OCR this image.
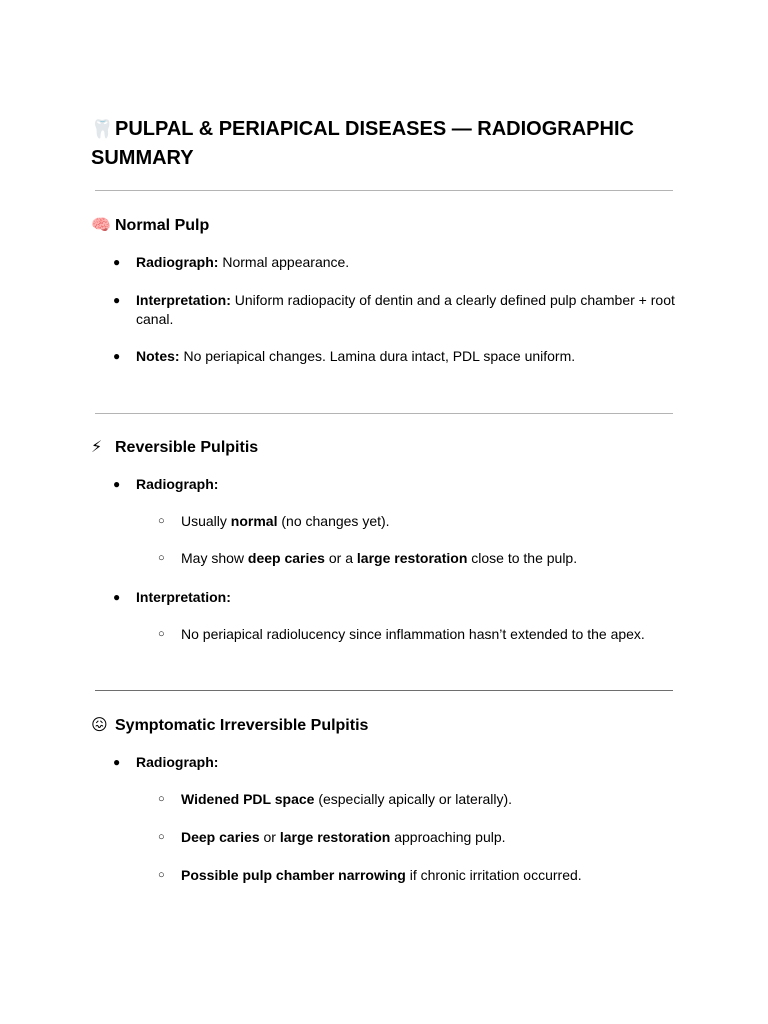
🦷PULPAL & PERIAPICAL DISEASES — RADIOGRAPHIC SUMMARY
🧠 Normal Pulp
● Radiograph: Normal appearance.
● Interpretation: Uniform radiopacity of dentin and a clearly defined pulp chamber + root canal.
● Notes: No periapical changes. Lamina dura intact, PDL space uniform.
⚡ Reversible Pulpitis
● Radiograph:
○ Usually normal (no changes yet).
○ May show deep caries or a large restoration close to the pulp.
● Interpretation:
○ No periapical radiolucency since inflammation hasn’t extended to the apex.
😖 Symptomatic Irreversible Pulpitis
● Radiograph:
○ Widened PDL space (especially apically or laterally).
○ Deep caries or large restoration approaching pulp.
○ Possible pulp chamber narrowing if chronic irritation occurred.
